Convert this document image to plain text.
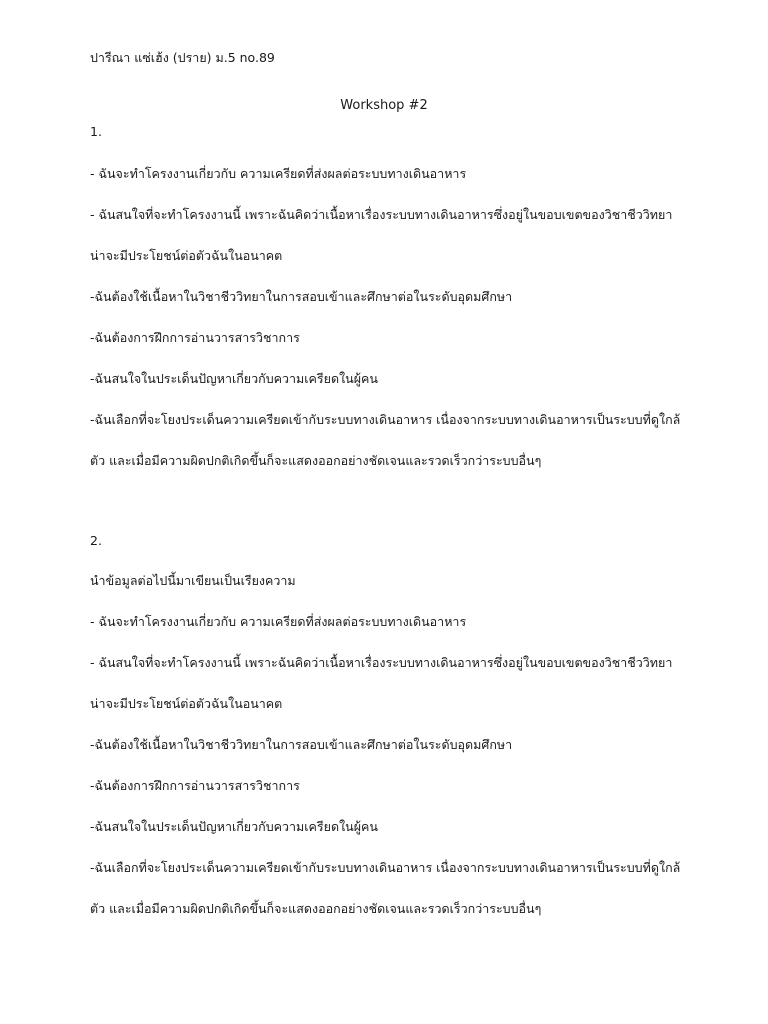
ปารีณา แซ่เฮ้ง (ปราย) ม.5 no.89
Workshop #2
1.
- ฉันจะทำโครงงานเกี่ยวกับ ความเครียดที่ส่งผลต่อระบบทางเดินอาหาร
- ฉันสนใจที่จะทำโครงงานนี้ เพราะฉันคิดว่าเนื้อหาเรื่องระบบทางเดินอาหารซึ่งอยู่ในขอบเขตของวิชาชีววิทยา
น่าจะมีประโยชน์ต่อตัวฉันในอนาคต
-ฉันต้องใช้เนื้อหาในวิชาชีววิทยาในการสอบเข้าและศึกษาต่อในระดับอุดมศึกษา
-ฉันต้องการฝึกการอ่านวารสารวิชาการ
-ฉันสนใจในประเด็นปัญหาเกี่ยวกับความเครียดในผู้คน
-ฉันเลือกที่จะโยงประเด็นความเครียดเข้ากับระบบทางเดินอาหาร เนื่องจากระบบทางเดินอาหารเป็นระบบที่ดูใกล้
ตัว และเมื่อมีความผิดปกติเกิดขึ้นก็จะแสดงออกอย่างชัดเจนและรวดเร็วกว่าระบบอื่นๆ
2.
นำข้อมูลต่อไปนี้มาเขียนเป็นเรียงความ
- ฉันจะทำโครงงานเกี่ยวกับ ความเครียดที่ส่งผลต่อระบบทางเดินอาหาร
- ฉันสนใจที่จะทำโครงงานนี้ เพราะฉันคิดว่าเนื้อหาเรื่องระบบทางเดินอาหารซึ่งอยู่ในขอบเขตของวิชาชีววิทยา
น่าจะมีประโยชน์ต่อตัวฉันในอนาคต
-ฉันต้องใช้เนื้อหาในวิชาชีววิทยาในการสอบเข้าและศึกษาต่อในระดับอุดมศึกษา
-ฉันต้องการฝึกการอ่านวารสารวิชาการ
-ฉันสนใจในประเด็นปัญหาเกี่ยวกับความเครียดในผู้คน
-ฉันเลือกที่จะโยงประเด็นความเครียดเข้ากับระบบทางเดินอาหาร เนื่องจากระบบทางเดินอาหารเป็นระบบที่ดูใกล้
ตัว และเมื่อมีความผิดปกติเกิดขึ้นก็จะแสดงออกอย่างชัดเจนและรวดเร็วกว่าระบบอื่นๆ
